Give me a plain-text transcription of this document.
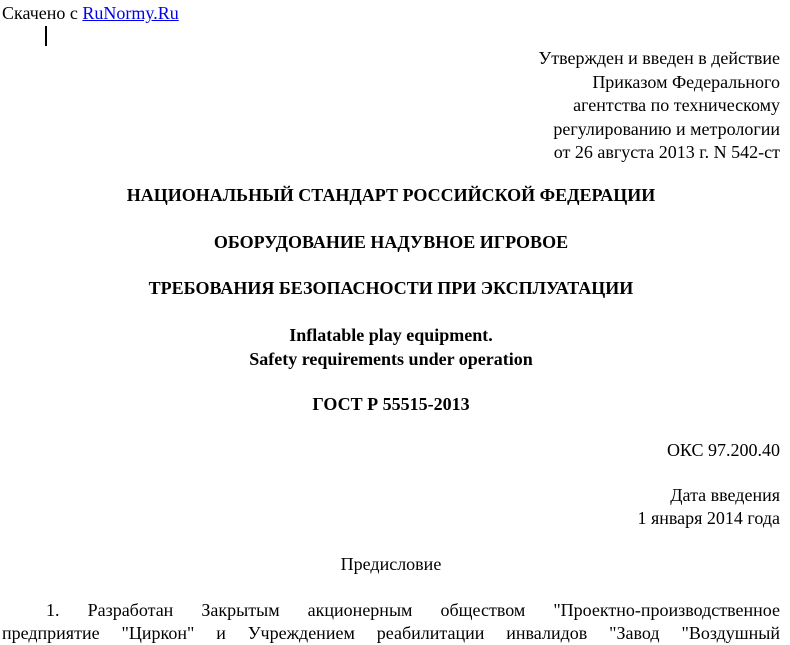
Скачено с RuNormy.Ru
Утвержден и введен в действие
Приказом Федерального
агентства по техническому
регулированию и метрологии
от 26 августа 2013 г. N 542-ст
НАЦИОНАЛЬНЫЙ СТАНДАРТ РОССИЙСКОЙ ФЕДЕРАЦИИ
ОБОРУДОВАНИЕ НАДУВНОЕ ИГРОВОЕ
ТРЕБОВАНИЯ БЕЗОПАСНОСТИ ПРИ ЭКСПЛУАТАЦИИ
Inflatable play equipment.
Safety requirements under operation
ГОСТ Р 55515-2013
ОКС 97.200.40
Дата введения
1 января 2014 года
Предисловие
1. Разработан Закрытым акционерным обществом "Проектно-производственное
предприятие "Циркон" и Учреждением реабилитации инвалидов "Завод "Воздушный
